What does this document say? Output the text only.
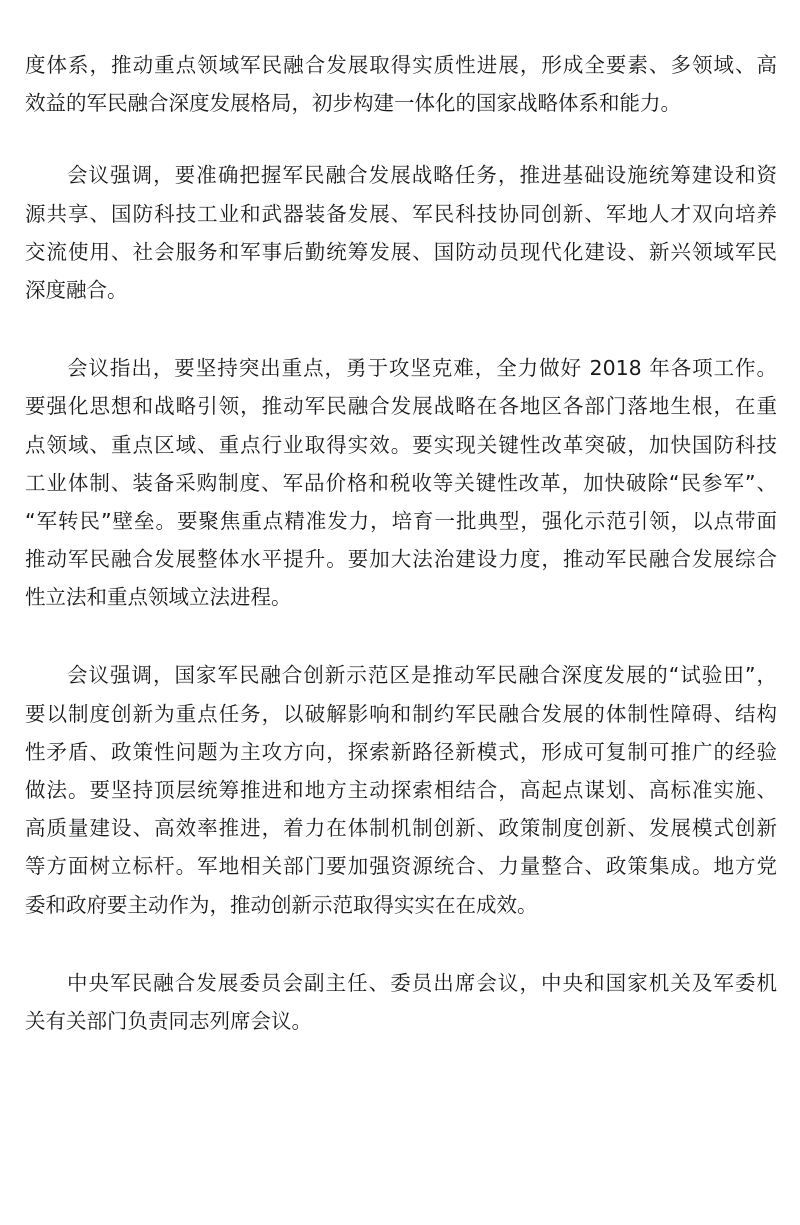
度体系，推动重点领域军民融合发展取得实质性进展，形成全要素、多领域、高
效益的军民融合深度发展格局，初步构建一体化的国家战略体系和能力。
会议强调，要准确把握军民融合发展战略任务，推进基础设施统筹建设和资
源共享、国防科技工业和武器装备发展、军民科技协同创新、军地人才双向培养
交流使用、社会服务和军事后勤统筹发展、国防动员现代化建设、新兴领域军民
深度融合。
会议指出，要坚持突出重点，勇于攻坚克难，全力做好 2018 年各项工作。
要强化思想和战略引领，推动军民融合发展战略在各地区各部门落地生根，在重
点领域、重点区域、重点行业取得实效。要实现关键性改革突破，加快国防科技
工业体制、装备采购制度、军品价格和税收等关键性改革，加快破除“民参军”、
“军转民”壁垒。要聚焦重点精准发力，培育一批典型，强化示范引领，以点带面
推动军民融合发展整体水平提升。要加大法治建设力度，推动军民融合发展综合
性立法和重点领域立法进程。
会议强调，国家军民融合创新示范区是推动军民融合深度发展的“试验田”，
要以制度创新为重点任务，以破解影响和制约军民融合发展的体制性障碍、结构
性矛盾、政策性问题为主攻方向，探索新路径新模式，形成可复制可推广的经验
做法。要坚持顶层统筹推进和地方主动探索相结合，高起点谋划、高标准实施、
高质量建设、高效率推进，着力在体制机制创新、政策制度创新、发展模式创新
等方面树立标杆。军地相关部门要加强资源统合、力量整合、政策集成。地方党
委和政府要主动作为，推动创新示范取得实实在在成效。
中央军民融合发展委员会副主任、委员出席会议，中央和国家机关及军委机
关有关部门负责同志列席会议。
